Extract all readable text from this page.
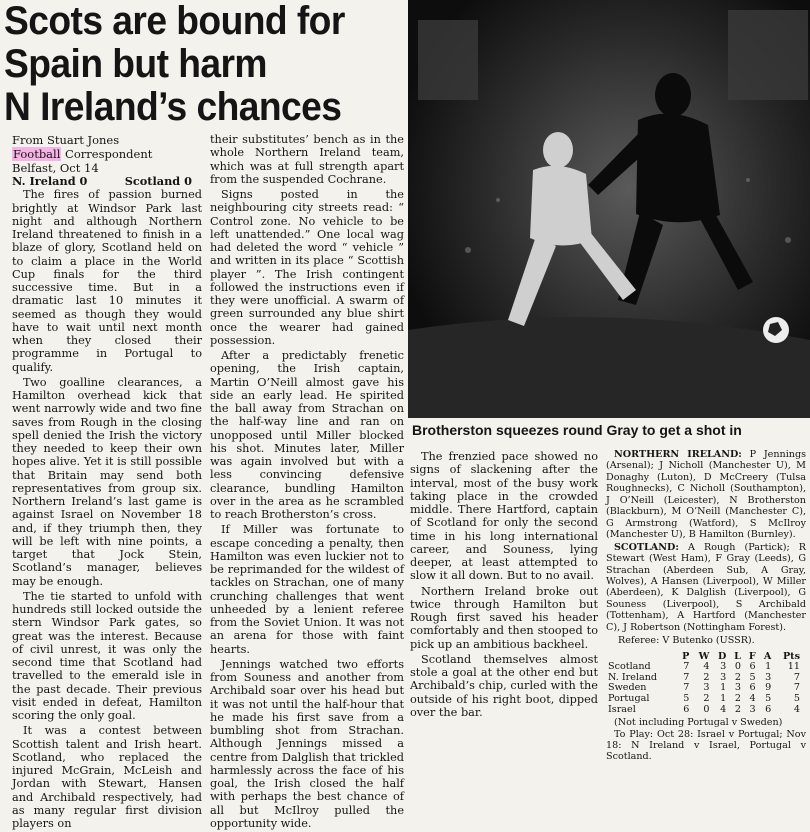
Scots are bound for
Spain but harm
N Ireland’s chances
From Stuart Jones
Football Correspondent
Belfast, Oct 14
N. Ireland 0	Scotland 0

The fires of passion burned brightly at Windsor Park last night and although Northern Ireland threatened to finish in a blaze of glory, Scotland held on to claim a place in the World Cup finals for the third successive time. But in a dramatic last 10 minutes it seemed as though they would have to wait until next month when they closed their programme in Portugal to qualify.

Two goalline clearances, a Hamilton overhead kick that went narrowly wide and two fine saves from Rough in the closing spell denied the Irish the victory they needed to keep their own hopes alive. Yet it is still possible that Britain may send both representatives from group six. Northern Ireland’s last game is against Israel on November 18 and, if they triumph then, they will be left with nine points, a target that Jock Stein, Scotland’s manager, believes may be enough.

The tie started to unfold with hundreds still locked outside the stern Windsor Park gates, so great was the interest. Because of civil unrest, it was only the second time that Scotland had travelled to the emerald isle in the past decade. Their previous visit ended in defeat, Hamilton scoring the only goal.

It was a contest between Scottish talent and Irish heart. Scotland, who replaced the injured McGrain, McLeish and Jordan with Stewart, Hansen and Archibald respectively, had as many regular first division players on

their substitutes’ bench as in the whole Northern Ireland team, which was at full strength apart from the suspended Cochrane.

Signs posted in the neighbouring city streets read: “ Control zone. No vehicle to be left unattended.” One local wag had deleted the word “ vehicle ” and written in its place “ Scottish player ”. The Irish contingent followed the instructions even if they were unofficial. A swarm of green surrounded any blue shirt once the wearer had gained possession.

After a predictably frenetic opening, the Irish captain, Martin O’Neill almost gave his side an early lead. He spirited the ball away from Strachan on the half-way line and ran on unopposed until Miller blocked his shot. Minutes later, Miller was again involved but with a less convincing defensive clearance, bundling Hamilton over in the area as he scrambled to reach Brotherston’s cross.

If Miller was fortunate to escape conceding a penalty, then Hamilton was even luckier not to be reprimanded for the wildest of tackles on Strachan, one of many crunching challenges that went unheeded by a lenient referee from the Soviet Union. It was not an arena for those with faint hearts.

Jennings watched two efforts from Souness and another from Archibald soar over his head but it was not until the half-hour that he made his first save from a bumbling shot from Strachan. Although Jennings missed a centre from Dalglish that trickled harmlessly across the face of his goal, the Irish closed the half with perhaps the best chance of all but McIlroy pulled the opportunity wide.

Brotherston squeezes round Gray to get a shot in

The frenzied pace showed no signs of slackening after the interval, most of the busy work taking place in the crowded middle. There Hartford, captain of Scotland for only the second time in his long international career, and Souness, lying deeper, at least attempted to slow it all down. But to no avail.

Northern Ireland broke out twice through Hamilton but Rough first saved his header comfortably and then stooped to pick up an ambitious backheel.

Scotland themselves almost stole a goal at the other end but Archibald’s chip, curled with the outside of his right boot, dipped over the bar.

NORTHERN IRELAND: P Jennings (Arsenal); J Nicholl (Manchester U), M Donaghy (Luton), D McCreery (Tulsa Roughnecks), C Nicholl (Southampton), J O’Neill (Leicester), N Brotherston (Blackburn), M O’Neill (Manchester C), G Armstrong (Watford), S McIlroy (Manchester U), B Hamilton (Burnley).

SCOTLAND: A Rough (Partick); R Stewart (West Ham), F Gray (Leeds), G Strachan (Aberdeen Sub, A Gray, Wolves), A Hansen (Liverpool), W Miller (Aberdeen), K Dalglish (Liverpool), G Souness (Liverpool), S Archibald (Tottenham), A Hartford (Manchester C), J Robertson (Nottingham Forest).

Referee: V Butenko (USSR).
	P	W	D	L	F	A	Pts
Scotland	7	4	3	0	6	1	11
N. Ireland	7	2	3	2	5	3	7
Sweden	7	3	1	3	6	9	7
Portugal	5	2	1	2	4	5	5
Israel	6	0	4	2	3	6	4
(Not including Portugal v Sweden)
To Play: Oct 28: Israel v Portugal; Nov 18: N Ireland v Israel, Portugal v Scotland.
